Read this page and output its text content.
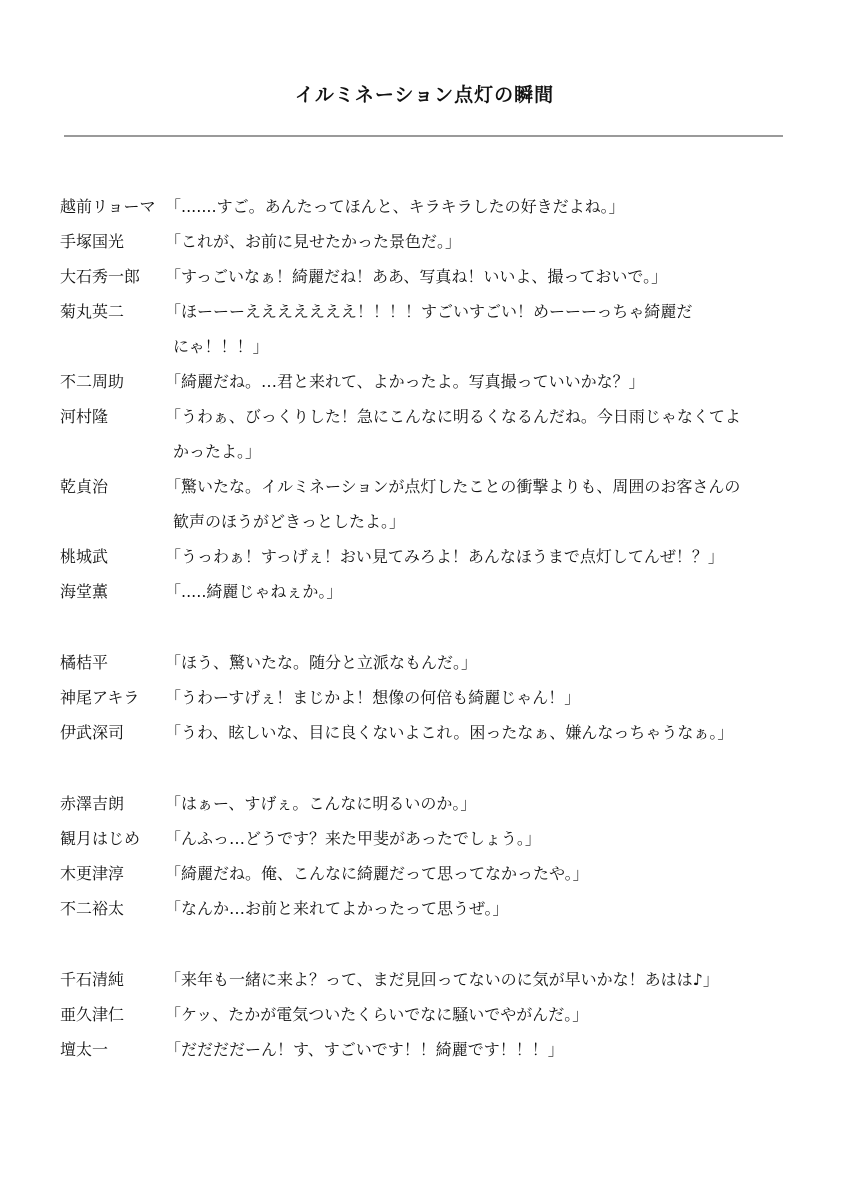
イルミネーション点灯の瞬間
越前リョーマ 「.......すご。あんたってほんと、キラキラしたの好きだよね。」
手塚国光	「これが、お前に見せたかった景色だ。」
大石秀一郎 「すっごいなぁ！綺麗だね！ああ、写真ね！いいよ、撮っておいで。」
菊丸英二	「ほーーーえええええええ！！！！すごいすごい！めーーーっちゃ綺麗だ
にゃ！！！」
不二周助	「綺麗だね。…君と来れて、よかったよ。写真撮っていいかな？」
河村隆	「うわぁ、びっくりした！急にこんなに明るくなるんだね。今日雨じゃなくてよ
かったよ。」
乾貞治	「驚いたな。イルミネーションが点灯したことの衝撃よりも、周囲のお客さんの
歓声のほうがどきっとしたよ。」
桃城武	「うっわぁ！すっげぇ！おい見てみろよ！あんなほうまで点灯してんぜ！？」
海堂薫	「.....綺麗じゃねぇか。」
橘桔平	「ほう、驚いたな。随分と立派なもんだ。」
神尾アキラ 「うわーすげぇ！まじかよ！想像の何倍も綺麗じゃん！」
伊武深司	「うわ、眩しいな、目に良くないよこれ。困ったなぁ、嫌んなっちゃうなぁ。」
赤澤吉朗	「はぁー、すげぇ。こんなに明るいのか。」
観月はじめ 「んふっ…どうです？来た甲斐があったでしょう。」
木更津淳	「綺麗だね。俺、こんなに綺麗だって思ってなかったや。」
不二裕太	「なんか…お前と来れてよかったって思うぜ。」
千石清純	「来年も一緒に来よ？って、まだ見回ってないのに気が早いかな！あはは♪」
亜久津仁	「ケッ、たかが電気ついたくらいでなに騒いでやがんだ。」
壇太一	「だだだだーん！す、すごいです！！綺麗です！！！」
